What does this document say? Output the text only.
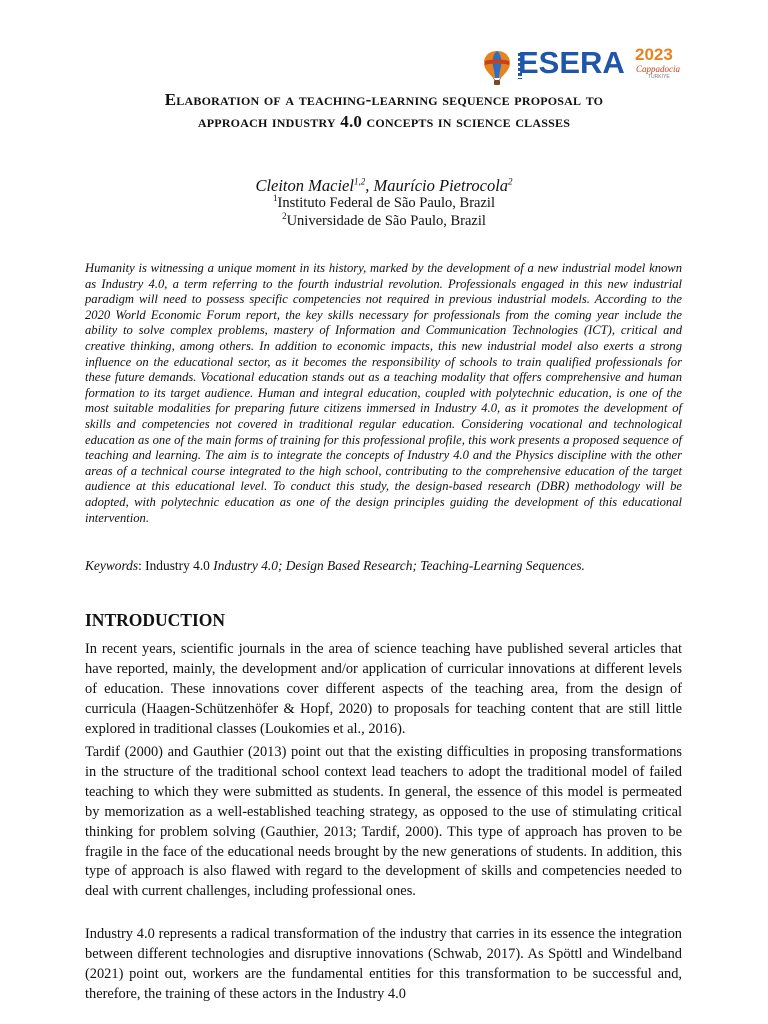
ESERA 2023
Cappadocia
TURKIYE
Elaboration of a teaching-learning sequence proposal to
approach industry 4.0 concepts in science classes
Cleiton Maciel$^{1,2}$, Maurício Pietrocola$^2$
$^1$Instituto Federal de São Paulo, Brazil
$^2$Universidade de São Paulo, Brazil
Humanity is witnessing a unique moment in its history, marked by the development of a new industrial model known as Industry 4.0, a term referring to the fourth industrial revolution. Professionals engaged in this new industrial paradigm will need to possess specific competencies not required in previous industrial models. According to the 2020 World Economic Forum report, the key skills necessary for professionals from the coming year include the ability to solve complex problems, mastery of Information and Communication Technologies (ICT), critical and creative thinking, among others. In addition to economic impacts, this new industrial model also exerts a strong influence on the educational sector, as it becomes the responsibility of schools to train qualified professionals for these future demands. Vocational education stands out as a teaching modality that offers comprehensive and human formation to its target audience. Human and integral education, coupled with polytechnic education, is one of the most suitable modalities for preparing future citizens immersed in Industry 4.0, as it promotes the development of skills and competencies not covered in traditional regular education. Considering vocational and technological education as one of the main forms of training for this professional profile, this work presents a proposed sequence of teaching and learning. The aim is to integrate the concepts of Industry 4.0 and the Physics discipline with the other areas of a technical course integrated to the high school, contributing to the comprehensive education of the target audience at this educational level. To conduct this study, the design-based research (DBR) methodology will be adopted, with polytechnic education as one of the design principles guiding the development of this educational intervention.
Keywords: Industry 4.0 Industry 4.0; Design Based Research; Teaching-Learning Sequences.
INTRODUCTION

In recent years, scientific journals in the area of science teaching have published several articles that have reported, mainly, the development and/or application of curricular innovations at different levels of education. These innovations cover different aspects of the teaching area, from the design of curricula (Haagen-Schützenhöfer & Hopf, 2020) to proposals for teaching content that are still little explored in traditional classes (Loukomies et al., 2016).

Tardif (2000) and Gauthier (2013) point out that the existing difficulties in proposing transformations in the structure of the traditional school context lead teachers to adopt the traditional model of failed teaching to which they were submitted as students. In general, the essence of this model is permeated by memorization as a well-established teaching strategy, as opposed to the use of stimulating critical thinking for problem solving (Gauthier, 2013; Tardif, 2000). This type of approach has proven to be fragile in the face of the educational needs brought by the new generations of students. In addition, this type of approach is also flawed with regard to the development of skills and competencies needed to deal with current challenges, including professional ones.

Industry 4.0 represents a radical transformation of the industry that carries in its essence the integration between different technologies and disruptive innovations (Schwab, 2017). As Spöttl and Windelband (2021) point out, workers are the fundamental entities for this transformation to be successful and, therefore, the training of these actors in the Industry 4.0
